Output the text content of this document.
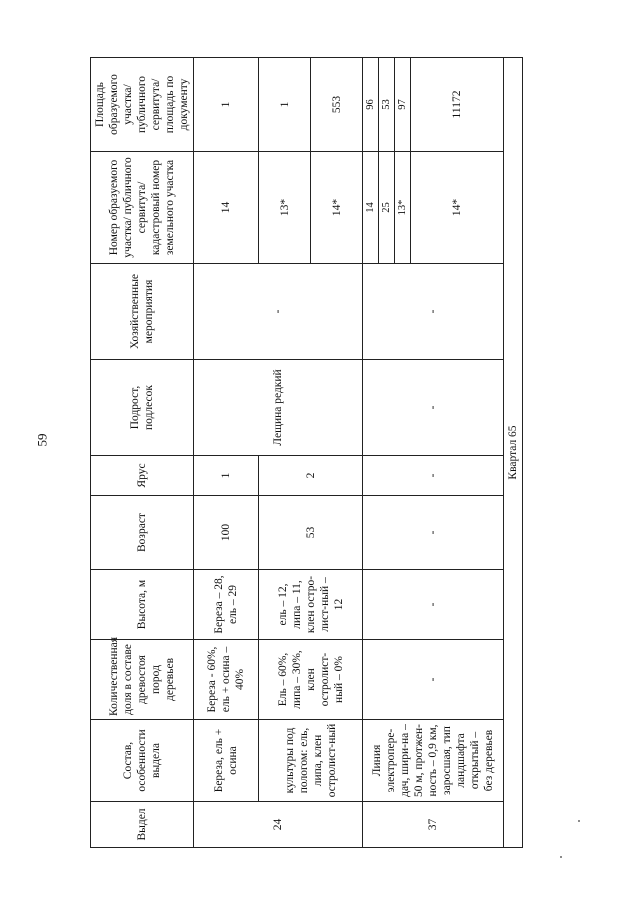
59
Выдел	Состав, особенности выдела	Количественная доля в составе древостоя пород деревьев	Высота, м	Возраст	Ярус	Подрост, подлесок	Хозяйственные мероприятия	Номер образуемого участка/ публичного сервитута/кадастровый номер земельного участка	Площадь образуемого участка/ публичного сервитута/ площадь по документу
24	Береза, ель + осина	Береза - 60%, ель + осина – 40%	Береза – 28, ель – 29	100	1	Лещина редкий	-	14	1
	культуры под пологом: ель, липа, клен остролист-ный	Ель – 60%, липа – 30%, клен остролист-ный – 0%	ель – 12, липа – 11, клен остро-лист-ный – 12	53	2			13*	1
								14*	553
37	Линия электропере-дач, шири-на – 50 м, протжен-ность – 0,9 км, заросшая, тип ландшафта открытый – без деревьев	-	-	-	-	-	-	14	96
								25	53
								13*	97
								14*	11172
Квартал 65									
